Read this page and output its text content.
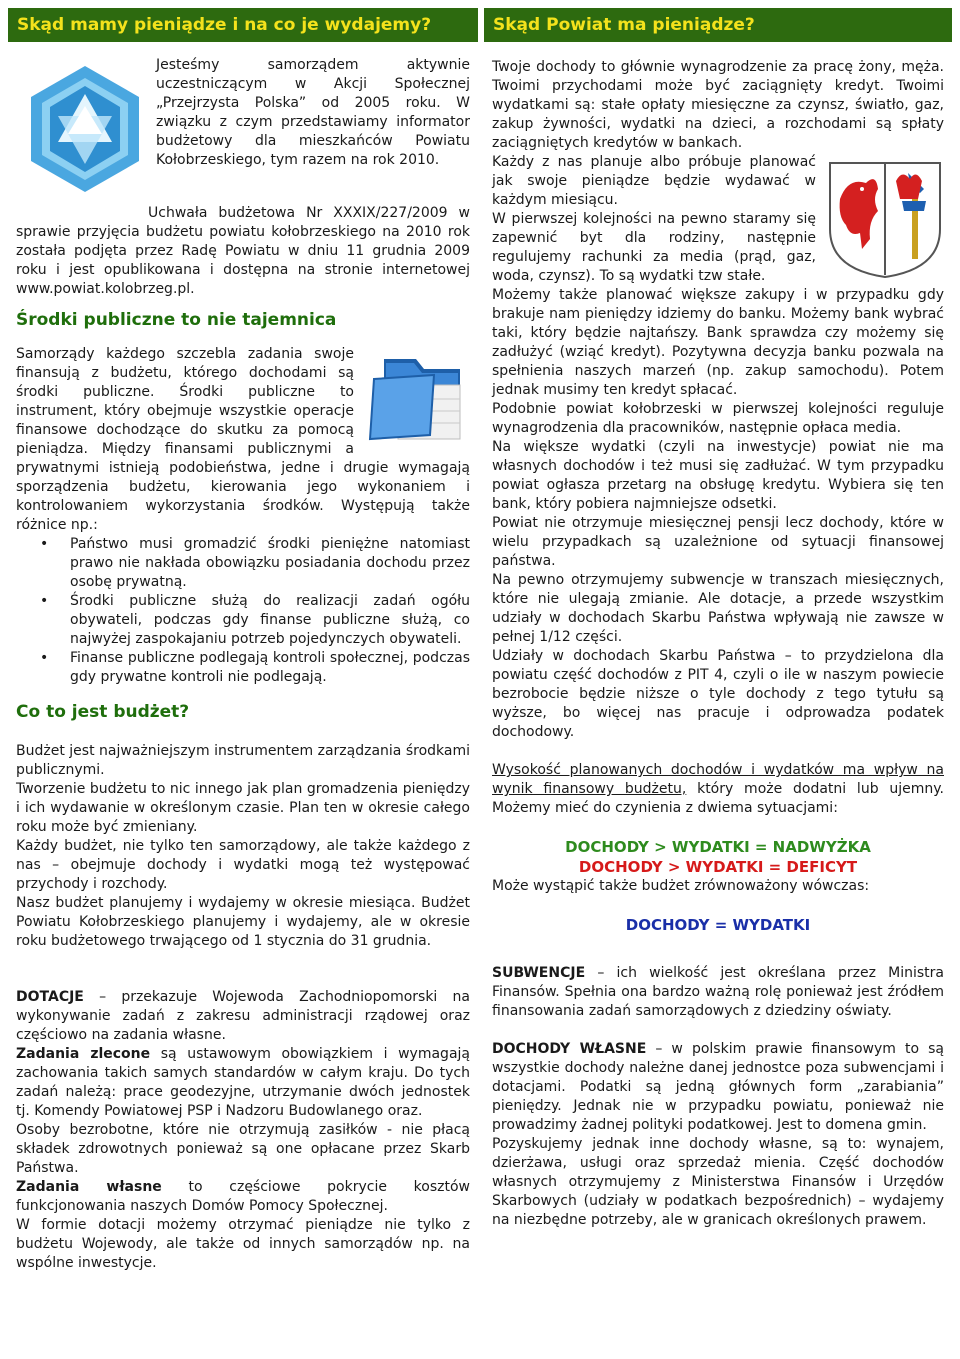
Skąd mamy pieniądze i na co je wydajemy?

Jesteśmy samorządem aktywnie uczestniczącym w Akcji Społecznej „Przejrzysta Polska” od 2005 roku. W związku z czym przedstawiamy informator budżetowy dla mieszkańców Powiatu Kołobrzeskiego, tym razem na rok 2010.

Uchwała budżetowa Nr XXXIX/227/2009 w sprawie przyjęcia budżetu powiatu kołobrzeskiego na 2010 rok została podjęta przez Radę Powiatu w dniu 11 grudnia 2009 roku i jest opublikowana i dostępna na stronie internetowej www.powiat.kolobrzeg.pl.

Środki publiczne to nie tajemnica

Samorządy każdego szczebla zadania swoje finansują z budżetu, którego dochodami są środki publiczne. Środki publiczne to instrument, który obejmuje wszystkie operacje finansowe dochodzące do skutku za pomocą pieniądza. Między finansami publicznymi a prywatnymi istnieją podobieństwa, jedne i drugie wymagają sporządzenia budżetu, kierowania jego wykonaniem i kontrolowaniem wykorzystania środków. Występują także różnice np.:

• Państwo musi gromadzić środki pieniężne natomiast prawo nie nakłada obowiązku posiadania dochodu przez osobę prywatną.
• Środki publiczne służą do realizacji zadań ogółu obywateli, podczas gdy finanse publiczne służą, co najwyżej zaspokajaniu potrzeb pojedynczych obywateli.
• Finanse publiczne podlegają kontroli społecznej, podczas gdy prywatne kontroli nie podlegają.
Co to jest budżet?

Budżet jest najważniejszym instrumentem zarządzania środkami publicznymi.

Tworzenie budżetu to nic innego jak plan gromadzenia pieniędzy i ich wydawanie w określonym czasie. Plan ten w okresie całego roku może być zmieniany.

Każdy budżet, nie tylko ten samorządowy, ale także każdego z nas – obejmuje dochody i wydatki mogą też występować przychody i rozchody.

Nasz budżet planujemy i wydajemy w okresie miesiąca. Budżet Powiatu Kołobrzeskiego planujemy i wydajemy, ale w okresie roku budżetowego trwającego od 1 stycznia do 31 grudnia.

DOTACJE – przekazuje Wojewoda Zachodniopomorski na wykonywanie zadań z zakresu administracji rządowej oraz częściowo na zadania własne.

Zadania zlecone są ustawowym obowiązkiem i wymagają zachowania takich samych standardów w całym kraju. Do tych zadań należą: prace geodezyjne, utrzymanie dwóch jednostek tj. Komendy Powiatowej PSP i Nadzoru Budowlanego oraz.

Osoby bezrobotne, które nie otrzymują zasiłków - nie płacą składek zdrowotnych ponieważ są one opłacane przez Skarb Państwa.

Zadania własne to częściowe pokrycie kosztów funkcjonowania naszych Domów Pomocy Społecznej.

W formie dotacji możemy otrzymać pieniądze nie tylko z budżetu Wojewody, ale także od innych samorządów np. na wspólne inwestycje.

Skąd Powiat ma pieniądze?

Twoje dochody to głównie wynagrodzenie za pracę żony, męża. Twoimi przychodami może być zaciągnięty kredyt. Twoimi wydatkami są: stałe opłaty miesięczne za czynsz, światło, gaz, zakup żywności, wydatki na dzieci, a rozchodami są spłaty zaciągniętych kredytów w bankach.

Każdy z nas planuje albo próbuje planować jak swoje pieniądze będzie wydawać w każdym miesiącu.

W pierwszej kolejności na pewno staramy się zapewnić byt dla rodziny, następnie regulujemy rachunki za media (prąd, gaz, woda, czynsz). To są wydatki tzw stałe.

Możemy także planować większe zakupy i w przypadku gdy brakuje nam pieniędzy idziemy do banku. Możemy bank wybrać taki, który będzie najtańszy. Bank sprawdza czy możemy się zadłużyć (wziąć kredyt). Pozytywna decyzja banku pozwala na spełnienia naszych marzeń (np. zakup samochodu). Potem jednak musimy ten kredyt spłacać.

Podobnie powiat kołobrzeski w pierwszej kolejności reguluje wynagrodzenia dla pracowników, następnie opłaca media.

Na większe wydatki (czyli na inwestycje) powiat nie ma własnych dochodów i też musi się zadłużać. W tym przypadku powiat ogłasza przetarg na obsługę kredytu. Wybiera się ten bank, który pobiera najmniejsze odsetki.

Powiat nie otrzymuje miesięcznej pensji lecz dochody, które w wielu przypadkach są uzależnione od sytuacji finansowej państwa.

Na pewno otrzymujemy subwencje w transzach miesięcznych, które nie ulegają zmianie. Ale dotacje, a przede wszystkim udziały w dochodach Skarbu Państwa wpływają nie zawsze w pełnej 1/12 części.

Udziały w dochodach Skarbu Państwa – to przydzielona dla powiatu część dochodów z PIT 4, czyli o ile w naszym powiecie bezrobocie będzie niższe o tyle dochody z tego tytułu są wyższe, bo więcej nas pracuje i odprowadza podatek dochodowy.

Wysokość planowanych dochodów i wydatków ma wpływ na wynik finansowy budżetu, który może dodatni lub ujemny. Możemy mieć do czynienia z dwiema sytuacjami:

DOCHODY > WYDATKI = NADWYŻKA
DOCHODY > WYDATKI = DEFICYT

Może wystąpić także budżet zrównoważony wówczas:

DOCHODY = WYDATKI

SUBWENCJE – ich wielkość jest określana przez Ministra Finansów. Spełnia ona bardzo ważną rolę ponieważ jest źródłem finansowania zadań samorządowych z dziedziny oświaty.

DOCHODY WŁASNE – w polskim prawie finansowym to są wszystkie dochody należne danej jednostce poza subwencjami i dotacjami. Podatki są jedną głównych form „zarabiania” pieniędzy. Jednak nie w przypadku powiatu, ponieważ nie prowadzimy żadnej polityki podatkowej. Jest to domena gmin.

Pozyskujemy jednak inne dochody własne, są to: wynajem, dzierżawa, usługi oraz sprzedaż mienia. Część dochodów własnych otrzymujemy z Ministerstwa Finansów i Urzędów Skarbowych (udziały w podatkach bezpośrednich) – wydajemy na niezbędne potrzeby, ale w granicach określonych prawem.
